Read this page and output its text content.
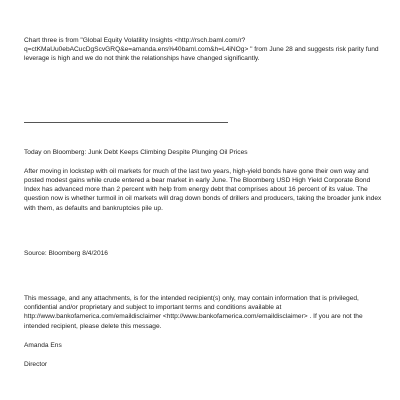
Chart three is from "Global Equity Volatility Insights <http://rsch.baml.com/r?q=ctKMaUu0ebACucDgScvGRQ&e=amanda.ens%40baml.com&h=L4iNOg> " from June 28 and suggests risk parity fund leverage is high and we do not think the relationships have changed significantly.

Today on Bloomberg: Junk Debt Keeps Climbing Despite Plunging Oil Prices

After moving in lockstep with oil markets for much of the last two years, high-yield bonds have gone their own way and posted modest gains while crude entered a bear market in early June. The Bloomberg USD High Yield Corporate Bond Index has advanced more than 2 percent with help from energy debt that comprises about 16 percent of its value. The question now is whether turmoil in oil markets will drag down bonds of drillers and producers, taking the broader junk index with them, as defaults and bankruptcies pile up.

Source: Bloomberg 8/4/2016

This message, and any attachments, is for the intended recipient(s) only, may contain information that is privileged, confidential and/or proprietary and subject to important terms and conditions available at http://www.bankofamerica.com/emaildisclaimer <http://www.bankofamerica.com/emaildisclaimer> . If you are not the intended recipient, please delete this message.

Amanda Ens

Director
